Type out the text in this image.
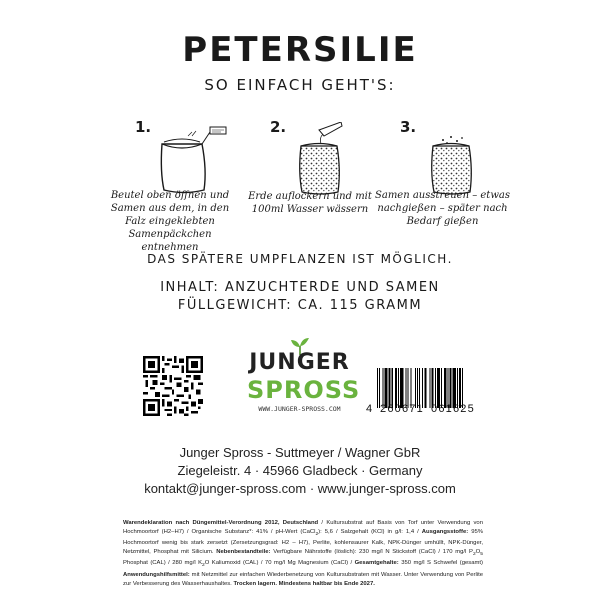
PETERSILIE
SO EINFACH GEHT'S:
1.
Beutel oben öffnen und Samen aus dem, in den Falz eingeklebten Samenpäckchen entnehmen
2.
Erde auflockern und mit 100ml Wasser wässern
3.
Samen ausstreuen – etwas nachgießen – später nach Bedarf gießen
DAS SPÄTERE UMPFLANZEN IST MÖGLICH.
INHALT: ANZUCHTERDE UND SAMEN
FÜLLGEWICHT: CA. 115 GRAMM
JUNGER
SPROSS
WWW.JUNGER-SPROSS.COM	4 260671 061625
Junger Spross - Suttmeyer / Wagner GbR
Ziegeleistr. 4 · 45966 Gladbeck · Germany
kontakt@junger-spross.com · www.junger-spross.com

Warendeklaration nach Düngemittel-Verordnung 2012, Deutschland / Kultursubstrat auf Basis von Torf unter Verwendung von Hochmoortorf (H2–H7) / Organische Substanz*: 41% / pH-Wert (CaCl$_2$): 5,6 / Salzgehalt (KCl) in g/l: 1,4 / Ausgangsstoffe: 95% Hochmoortorf wenig bis stark zersetzt (Zersetzungsgrad: H2 – H7), Perlite, kohlensaurer Kalk, NPK-Dünger umhüllt, NPK-Dünger, Netzmittel, Phosphat mit Silicium. Nebenbestandteile: Verfügbare Nährstoffe (löslich): 230 mg/l N Stickstoff (CaCl) / 170 mg/l $P_2O_5$ Phosphat (CAL) / 280 mg/l $K_2O$ Kaliumoxid (CAL) / 70 mg/l Mg Magnesium (CaCl) / Gesamtgehalte: 350 mg/l S Schwefel (gesamt) Anwendungshilfsmittel: mit Netzmittel zur einfachen Wiederbenetzung von Kultursubstraten mit Wasser. Unter Verwendung von Perlite zur Verbesserung des Wasserhaushaltes. Trocken lagern. Mindestens haltbar bis Ende 2027.
